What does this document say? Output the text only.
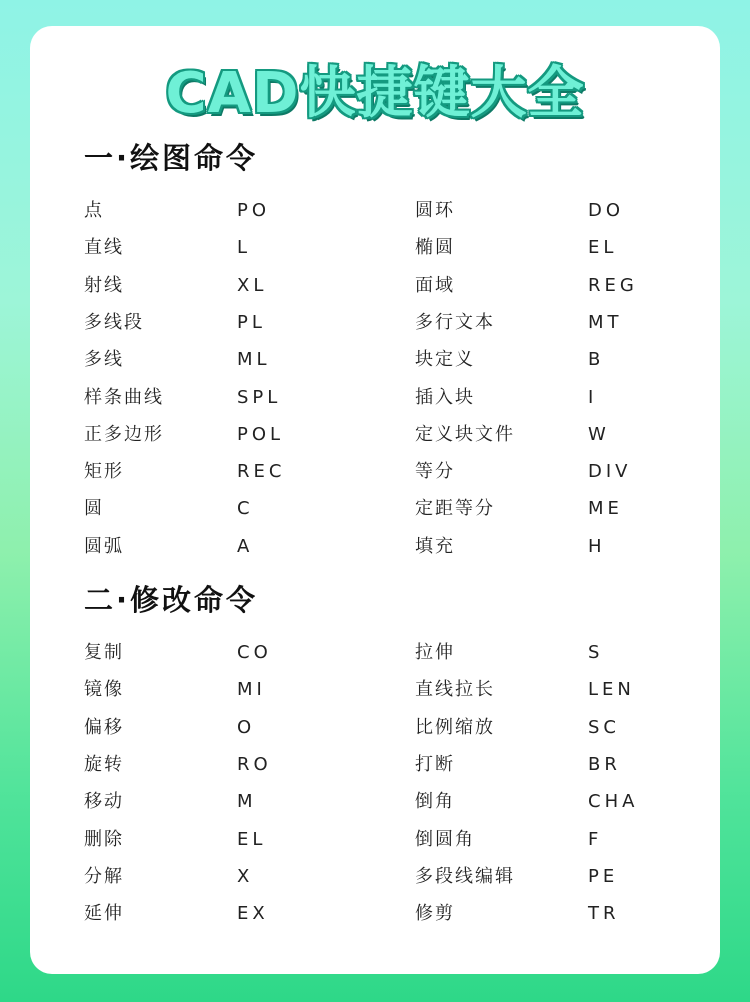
CAD快捷键大全
一·绘图命令
点	PO	圆环	DO
直线	L	椭圆	EL
射线	XL	面域	REG
多线段	PL	多行文本	MT
多线	ML	块定义	B
样条曲线	SPL	插入块	I
正多边形	POL	定义块文件	W
矩形	REC	等分	DIV
圆	C	定距等分	ME
圆弧	A	填充	H
二·修改命令
复制	CO	拉伸	S
镜像	MI	直线拉长	LEN
偏移	O	比例缩放	SC
旋转	RO	打断	BR
移动	M	倒角	CHA
删除	EL	倒圆角	F
分解	X	多段线编辑	PE
延伸	EX	修剪	TR
